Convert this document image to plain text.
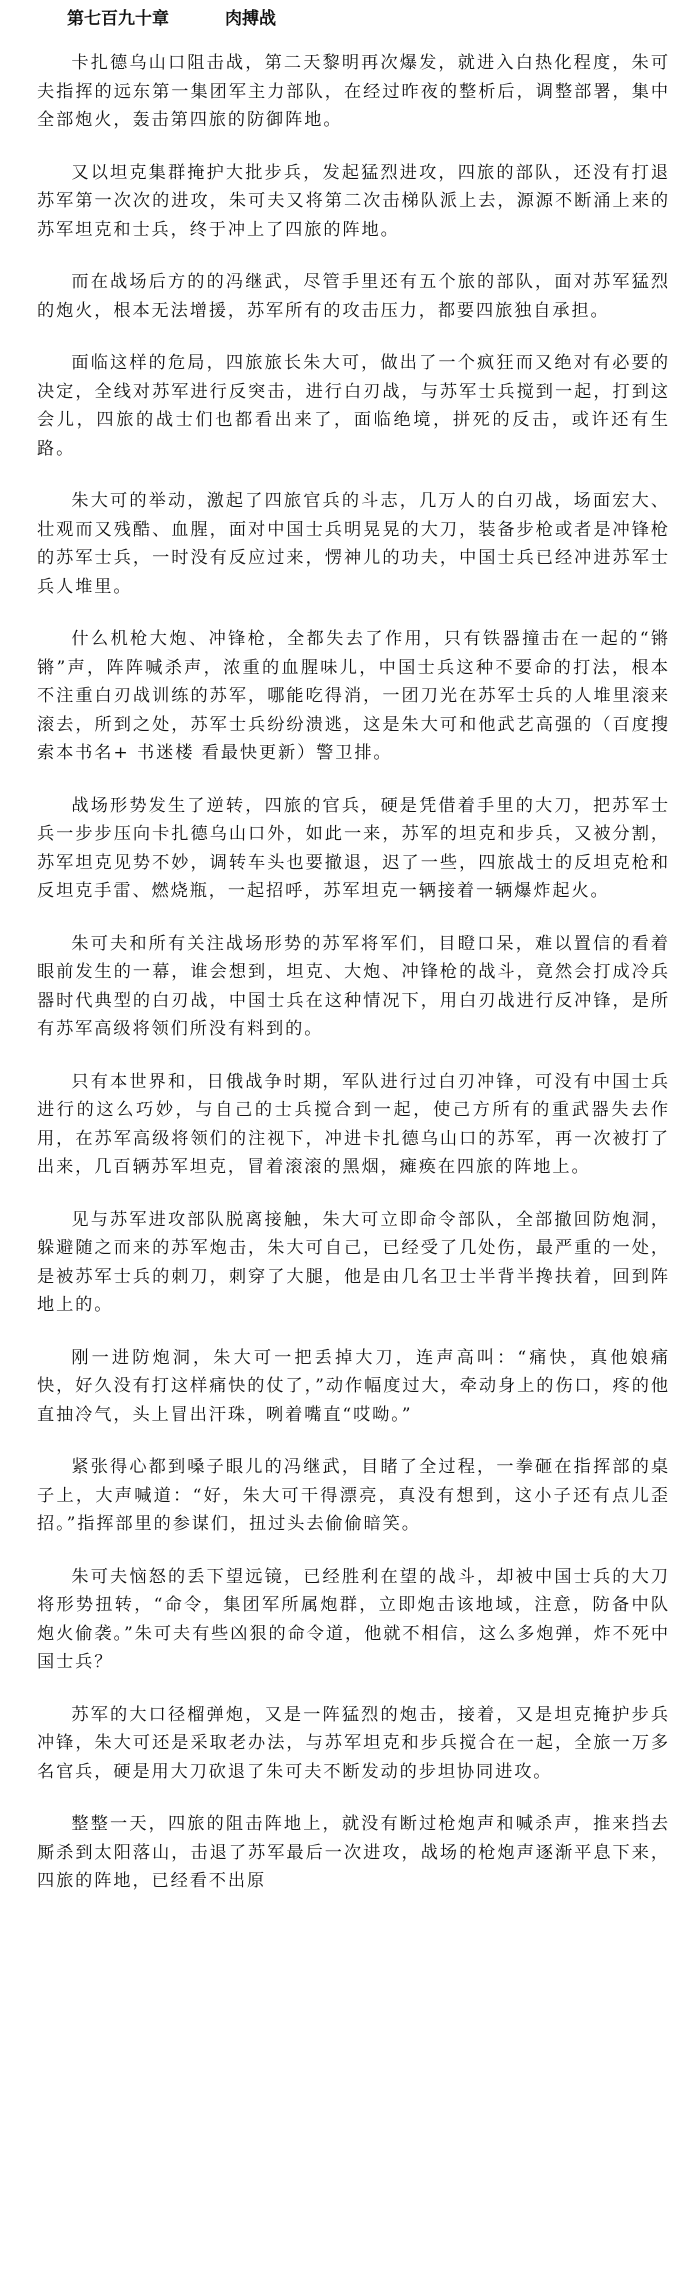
第七百九十章	肉搏战

卡扎德乌山口阻击战，第二天黎明再次爆发，就进入白热化程度，朱可夫指挥的远东第一集团军主力部队，在经过昨夜的整析后，调整部署，集中全部炮火，轰击第四旅的防御阵地。

又以坦克集群掩护大批步兵，发起猛烈进攻，四旅的部队，还没有打退苏军第一次次的进攻，朱可夫又将第二次击梯队派上去，源源不断涌上来的苏军坦克和士兵，终于冲上了四旅的阵地。

而在战场后方的的冯继武，尽管手里还有五个旅的部队，面对苏军猛烈的炮火，根本无法增援，苏军所有的攻击压力，都要四旅独自承担。

面临这样的危局，四旅旅长朱大可，做出了一个疯狂而又绝对有必要的决定，全线对苏军进行反突击，进行白刃战，与苏军士兵搅到一起，打到这会儿，四旅的战士们也都看出来了，面临绝境，拼死的反击，或许还有生路。

朱大可的举动，激起了四旅官兵的斗志，几万人的白刃战，场面宏大、壮观而又残酷、血腥，面对中国士兵明晃晃的大刀，装备步枪或者是冲锋枪的苏军士兵，一时没有反应过来，愣神儿的功夫，中国士兵已经冲进苏军士兵人堆里。

什么机枪大炮、冲锋枪，全都失去了作用，只有铁器撞击在一起的“锵锵”声，阵阵喊杀声，浓重的血腥味儿，中国士兵这种不要命的打法，根本不注重白刃战训练的苏军，哪能吃得消，一团刀光在苏军士兵的人堆里滚来滚去，所到之处，苏军士兵纷纷溃逃，这是朱大可和他武艺高强的（百度搜索本书名+ 书迷楼 看最快更新）警卫排。

战场形势发生了逆转，四旅的官兵，硬是凭借着手里的大刀，把苏军士兵一步步压向卡扎德乌山口外，如此一来，苏军的坦克和步兵，又被分割，苏军坦克见势不妙，调转车头也要撤退，迟了一些，四旅战士的反坦克枪和反坦克手雷、燃烧瓶，一起招呼，苏军坦克一辆接着一辆爆炸起火。

朱可夫和所有关注战场形势的苏军将军们，目瞪口呆，难以置信的看着眼前发生的一幕，谁会想到，坦克、大炮、冲锋枪的战斗，竟然会打成冷兵器时代典型的白刃战，中国士兵在这种情况下，用白刃战进行反冲锋，是所有苏军高级将领们所没有料到的。

只有本世界和，日俄战争时期，军队进行过白刃冲锋，可没有中国士兵进行的这么巧妙，与自己的士兵搅合到一起，使己方所有的重武器失去作用，在苏军高级将领们的注视下，冲进卡扎德乌山口的苏军，再一次被打了出来，几百辆苏军坦克，冒着滚滚的黑烟，瘫痪在四旅的阵地上。

见与苏军进攻部队脱离接触，朱大可立即命令部队，全部撤回防炮洞，躲避随之而来的苏军炮击，朱大可自己，已经受了几处伤，最严重的一处，是被苏军士兵的刺刀，刺穿了大腿，他是由几名卫士半背半搀扶着，回到阵地上的。

刚一进防炮洞，朱大可一把丢掉大刀，连声高叫：“痛快，真他娘痛快，好久没有打这样痛快的仗了，”动作幅度过大，牵动身上的伤口，疼的他直抽冷气，头上冒出汗珠，咧着嘴直“哎呦。”

紧张得心都到嗓子眼儿的冯继武，目睹了全过程，一拳砸在指挥部的桌子上，大声喊道：“好，朱大可干得漂亮，真没有想到，这小子还有点儿歪招。”指挥部里的参谋们，扭过头去偷偷暗笑。

朱可夫恼怒的丢下望远镜，已经胜利在望的战斗，却被中国士兵的大刀将形势扭转，“命令，集团军所属炮群，立即炮击该地域，注意，防备中队炮火偷袭。”朱可夫有些凶狠的命令道，他就不相信，这么多炮弹，炸不死中国士兵？

苏军的大口径榴弹炮，又是一阵猛烈的炮击，接着，又是坦克掩护步兵冲锋，朱大可还是采取老办法，与苏军坦克和步兵搅合在一起，全旅一万多名官兵，硬是用大刀砍退了朱可夫不断发动的步坦协同进攻。

整整一天，四旅的阻击阵地上，就没有断过枪炮声和喊杀声，推来挡去厮杀到太阳落山，击退了苏军最后一次进攻，战场的枪炮声逐渐平息下来，四旅的阵地，已经看不出原
